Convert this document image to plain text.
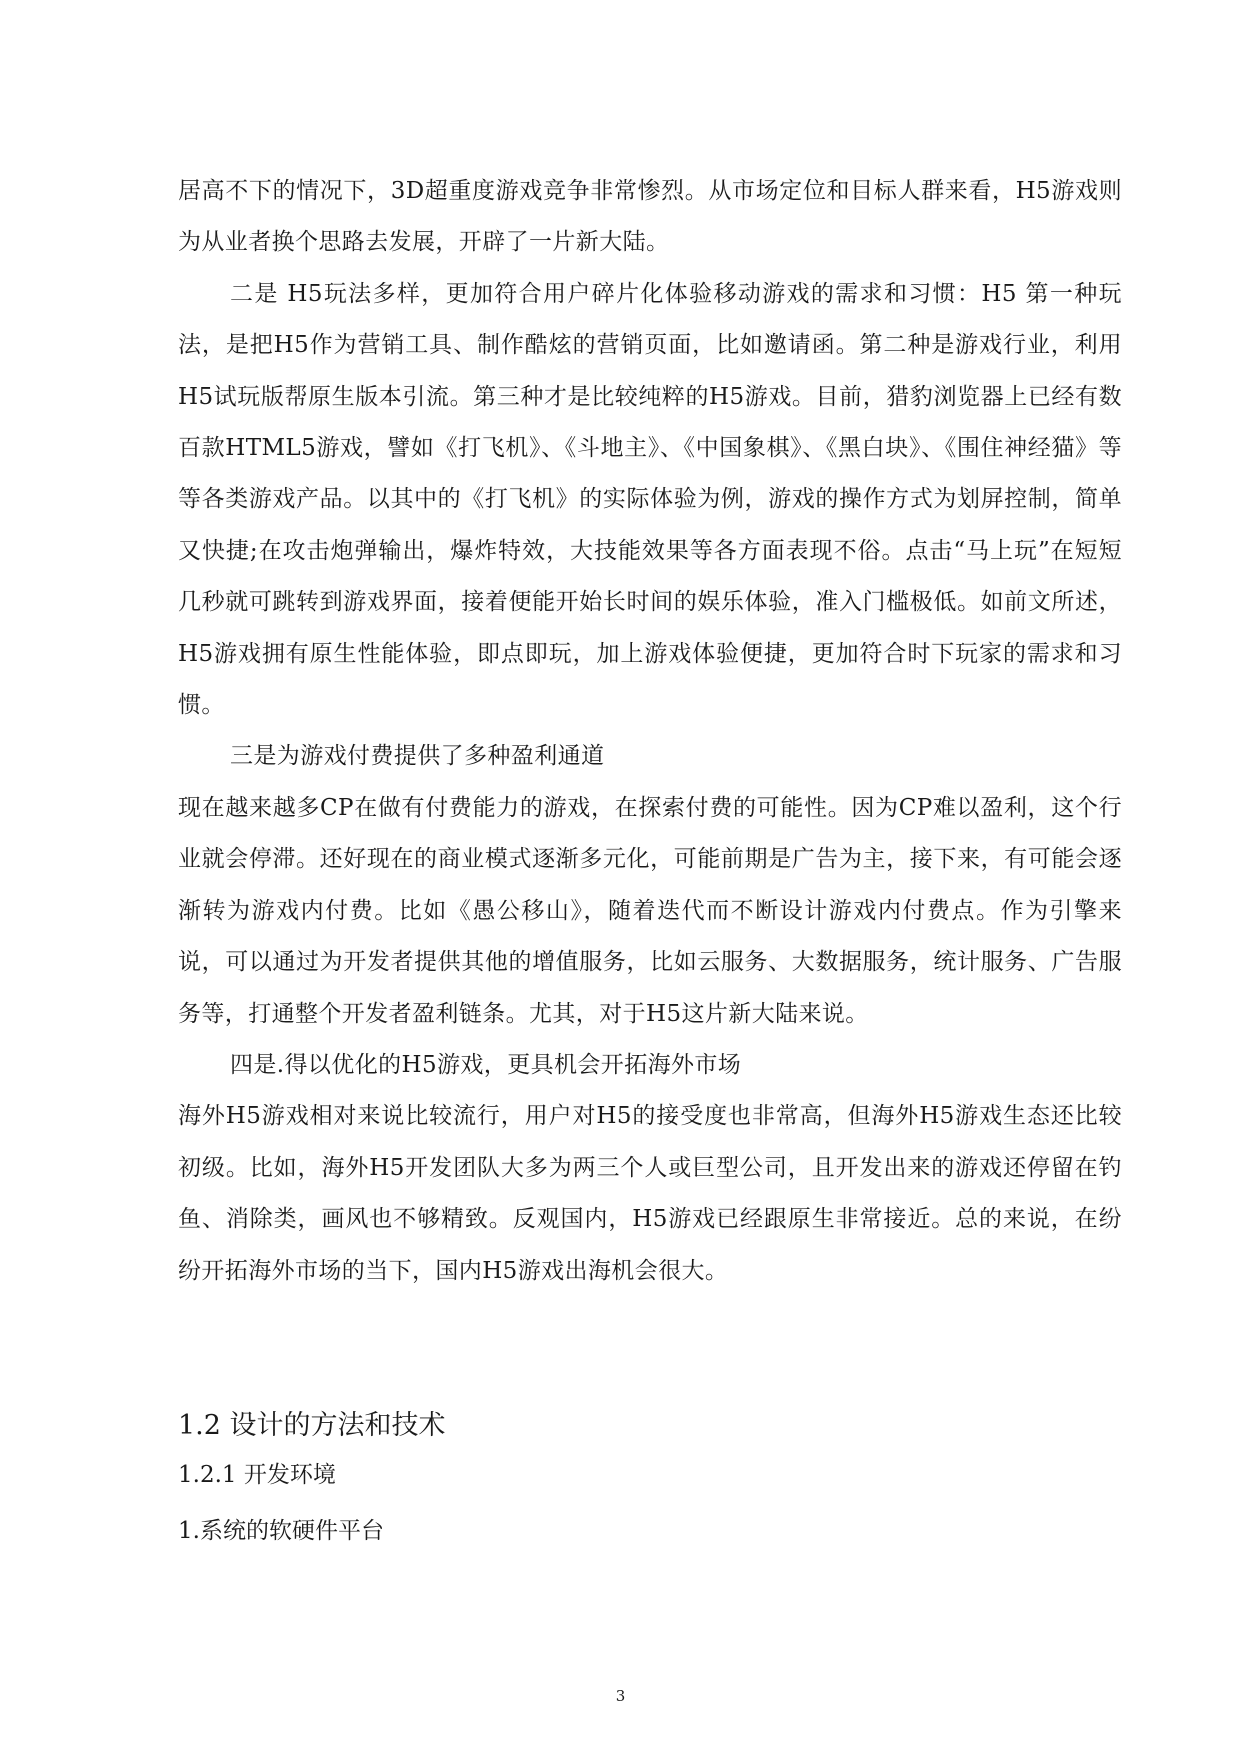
居高不下的情况下，3D超重度游戏竞争非常惨烈。从市场定位和目标人群来看，H5游戏则为从业者换个思路去发展，开辟了一片新大陆。

二是 H5玩法多样，更加符合用户碎片化体验移动游戏的需求和习惯：H5 第一种玩法，是把H5作为营销工具、制作酷炫的营销页面，比如邀请函。第二种是游戏行业，利用H5试玩版帮原生版本引流。第三种才是比较纯粹的H5游戏。目前，猎豹浏览器上已经有数百款HTML5游戏，譬如《打飞机》、《斗地主》、《中国象棋》、《黑白块》、《围住神经猫》等等各类游戏产品。以其中的《打飞机》的实际体验为例，游戏的操作方式为划屏控制，简单又快捷;在攻击炮弹输出，爆炸特效，大技能效果等各方面表现不俗。点击“马上玩”在短短几秒就可跳转到游戏界面，接着便能开始长时间的娱乐体验，准入门槛极低。如前文所述，H5游戏拥有原生性能体验，即点即玩，加上游戏体验便捷，更加符合时下玩家的需求和习惯。

三是为游戏付费提供了多种盈利通道

现在越来越多CP在做有付费能力的游戏，在探索付费的可能性。因为CP难以盈利，这个行业就会停滞。还好现在的商业模式逐渐多元化，可能前期是广告为主，接下来，有可能会逐渐转为游戏内付费。比如《愚公移山》，随着迭代而不断设计游戏内付费点。作为引擎来说，可以通过为开发者提供其他的增值服务，比如云服务、大数据服务，统计服务、广告服务等，打通整个开发者盈利链条。尤其，对于H5这片新大陆来说。

四是.得以优化的H5游戏，更具机会开拓海外市场

海外H5游戏相对来说比较流行，用户对H5的接受度也非常高，但海外H5游戏生态还比较初级。比如，海外H5开发团队大多为两三个人或巨型公司，且开发出来的游戏还停留在钓鱼、消除类，画风也不够精致。反观国内，H5游戏已经跟原生非常接近。总的来说，在纷纷开拓海外市场的当下，国内H5游戏出海机会很大。

1.2 设计的方法和技术
1.2.1 开发环境

1.系统的软硬件平台

3
